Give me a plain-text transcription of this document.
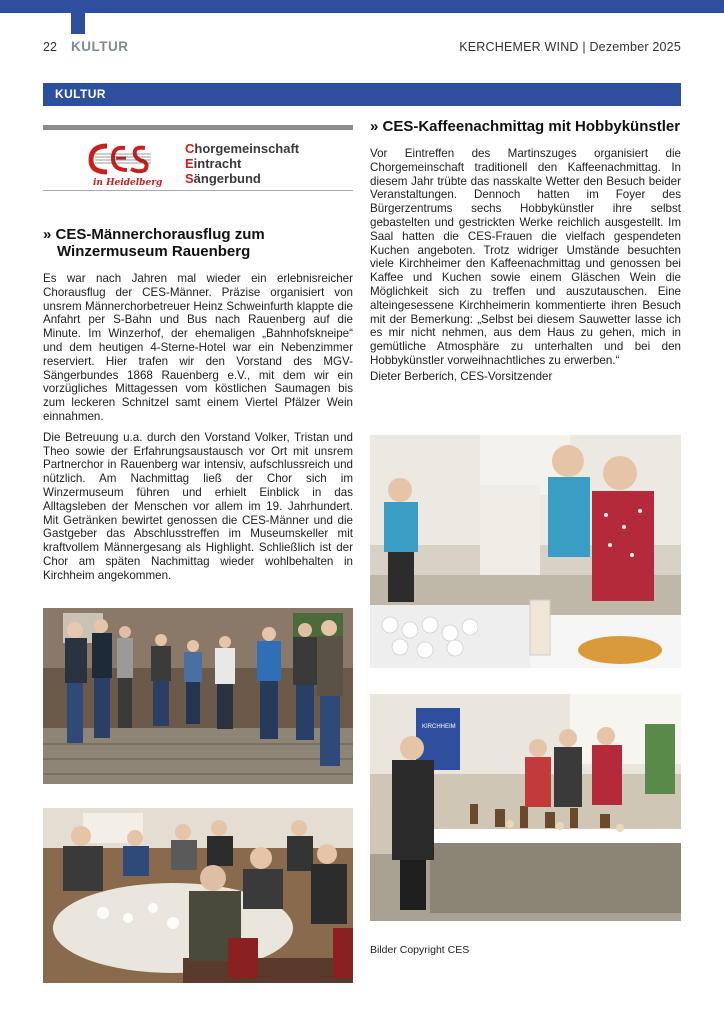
22 KULTUR	KERCHEMER WIND | Dezember 2025
KULTUR
in Heidelberg
Chorgemeinschaft
Eintracht
Sängerbund
» CES-Männerchorausflug zum Winzermuseum Rauenberg

Es war nach Jahren mal wieder ein erlebnisreicher Chorausflug der CES-Männer. Präzise organisiert von unsrem Männerchorbetreuer Heinz Schweinfurth klappte die Anfahrt per S-Bahn und Bus nach Rauenberg auf die Minute. Im Winzerhof, der ehemaligen „Bahnhofskneipe“ und dem heutigen 4-Sterne-Hotel war ein Nebenzimmer reserviert. Hier trafen wir den Vorstand des MGV-Sängerbundes 1868 Rauenberg e.V., mit dem wir ein vorzügliches Mittagessen vom köstlichen Saumagen bis zum leckeren Schnitzel samt einem Viertel Pfälzer Wein einnahmen.

Die Betreuung u.a. durch den Vorstand Volker, Tristan und Theo sowie der Erfahrungsaustausch vor Ort mit unsrem Partnerchor in Rauenberg war intensiv, aufschlussreich und nützlich. Am Nachmittag ließ der Chor sich im Winzermuseum führen und erhielt Einblick in das Alltagsleben der Menschen vor allem im 19. Jahrhundert. Mit Getränken bewirtet genossen die CES-Männer und die Gastgeber das Abschlusstreffen im Museumskeller mit kraftvollem Männergesang als Highlight. Schließlich ist der Chor am späten Nachmittag wieder wohlbehalten in Kirchheim angekommen.

» CES-Kaffeenachmittag mit Hobbykünstler

Vor Eintreffen des Martinszuges organisiert die Chorgemeinschaft traditionell den Kaffeenachmittag. In diesem Jahr trübte das nasskalte Wetter den Besuch beider Veranstaltungen. Dennoch hatten im Foyer des Bürgerzentrums sechs Hobbykünstler ihre selbst gebastelten und gestrickten Werke reichlich ausgestellt. Im Saal hatten die CES-Frauen die vielfach gespendeten Kuchen angeboten. Trotz widriger Umstände besuchten viele Kirchheimer den Kaffeenachmittag und genossen bei Kaffee und Kuchen sowie einem Gläschen Wein die Möglichkeit sich zu treffen und auszutauschen. Eine alteingesessene Kirchheimerin kommentierte ihren Besuch mit der Bemerkung: „Selbst bei diesem Sauwetter lasse ich es mir nicht nehmen, aus dem Haus zu gehen, mich in gemütliche Atmosphäre zu unterhalten und bei den Hobbykünstler vorweihnachtliches zu erwerben.“

Dieter Berberich, CES-Vorsitzender
KIRCHHEIM
Bilder Copyright CES
